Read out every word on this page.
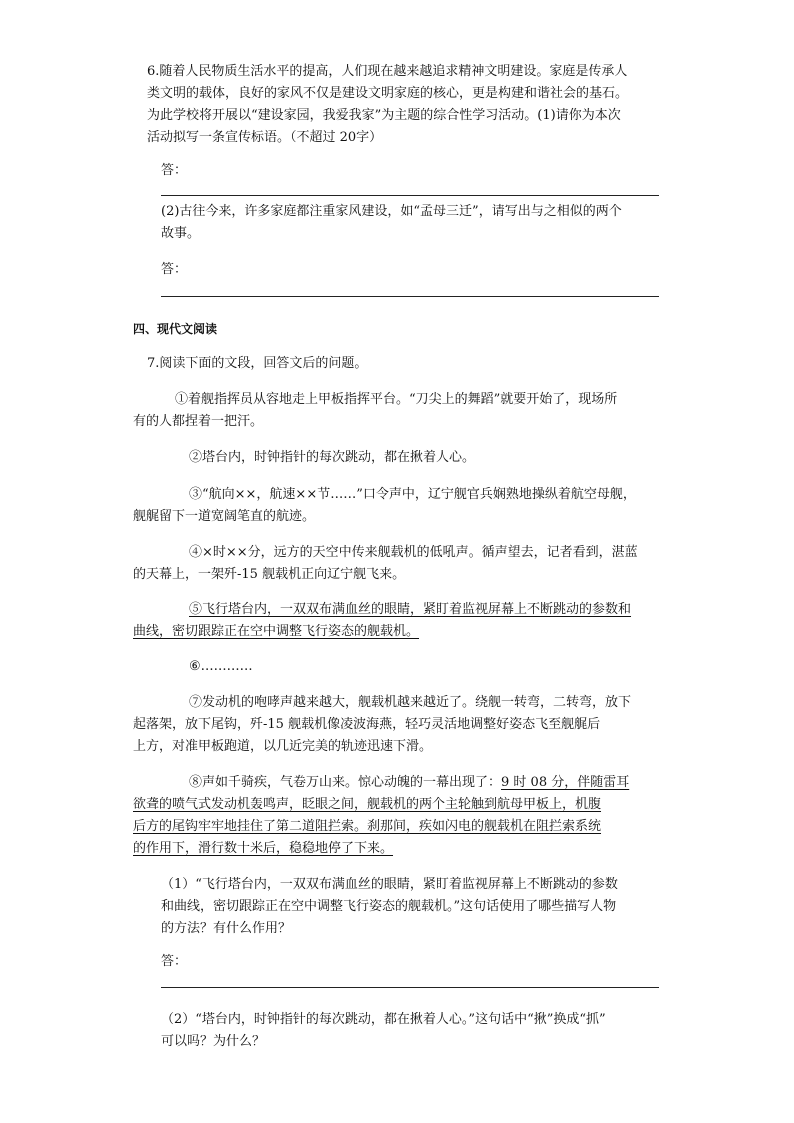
6.随着人民物质生活水平的提高，人们现在越来越追求精神文明建设。家庭是传承人

类文明的载体，良好的家风不仅是建设文明家庭的核心，更是构建和谐社会的基石。

为此学校将开展以“建设家园，我爱我家”为主题的综合性学习活动。(1)请你为本次

活动拟写一条宣传标语。（不超过 20字）

答：

(2)古往今来，许多家庭都注重家风建设，如“孟母三迁”，请写出与之相似的两个

故事。

答：
四、现代文阅读
7.阅读下面的文段，回答文后的问题。

①着舰指挥员从容地走上甲板指挥平台。“刀尖上的舞蹈”就要开始了，现场所

有的人都捏着一把汗。

②塔台内，时钟指针的每次跳动，都在揪着人心。

③“航向××，航速××节……”口令声中，辽宁舰官兵娴熟地操纵着航空母舰，

舰艉留下一道宽阔笔直的航迹。

④×时××分，远方的天空中传来舰载机的低吼声。循声望去，记者看到，湛蓝

的天幕上，一架歼-15 舰载机正向辽宁舰飞来。

⑤飞行塔台内，一双双布满血丝的眼睛，紧盯着监视屏幕上不断跳动的参数和

曲线，密切跟踪正在空中调整飞行姿态的舰载机。

⑥…………

⑦发动机的咆哮声越来越大，舰载机越来越近了。绕舰一转弯，二转弯，放下

起落架，放下尾钩，歼-15 舰载机像凌波海燕，轻巧灵活地调整好姿态飞至舰艉后

上方，对准甲板跑道，以几近完美的轨迹迅速下滑。

⑧声如千骑疾，气卷万山来。惊心动魄的一幕出现了：9 时 08 分，伴随雷耳

欲聋的喷气式发动机轰鸣声，眨眼之间，舰载机的两个主轮触到航母甲板上，机腹

后方的尾钩牢牢地挂住了第二道阻拦索。刹那间，疾如闪电的舰载机在阻拦索系统

的作用下，滑行数十米后，稳稳地停了下来。

（1）“飞行塔台内，一双双布满血丝的眼睛，紧盯着监视屏幕上不断跳动的参数

和曲线，密切跟踪正在空中调整飞行姿态的舰载机。”这句话使用了哪些描写人物

的方法？有什么作用？

答：

（2）“塔台内，时钟指针的每次跳动，都在揪着人心。”这句话中“揪”换成“抓”

可以吗？为什么？
